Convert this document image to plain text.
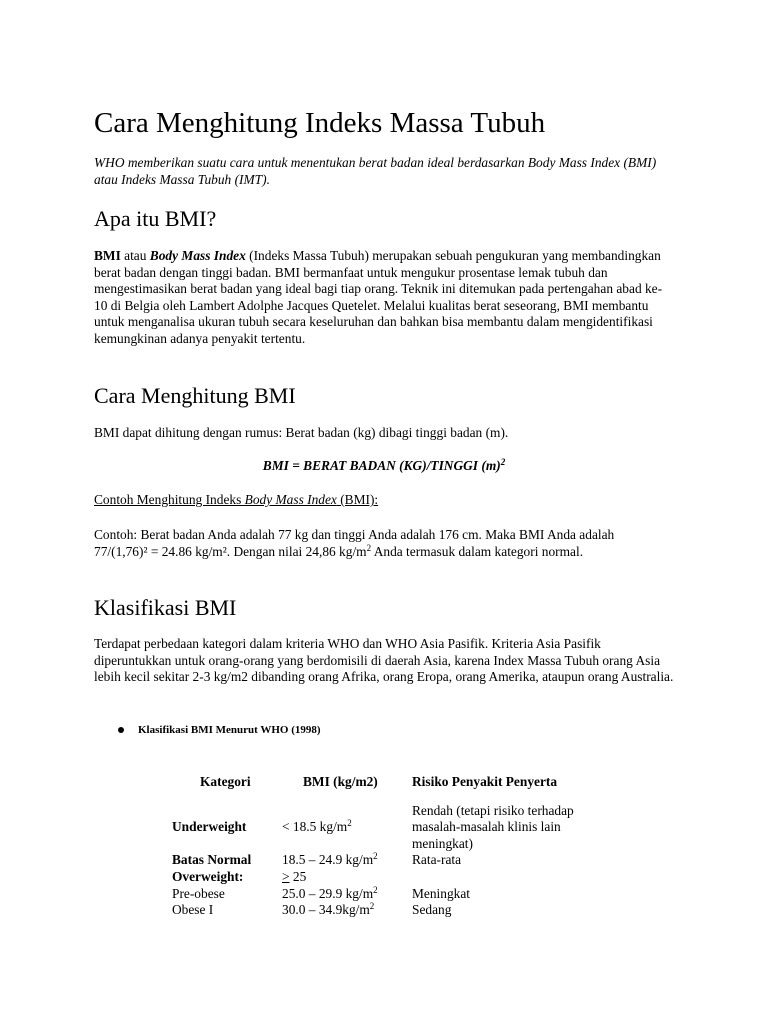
Cara Menghitung Indeks Massa Tubuh

WHO memberikan suatu cara untuk menentukan berat badan ideal berdasarkan Body Mass Index (BMI) atau Indeks Massa Tubuh (IMT).

Apa itu BMI?

BMI atau Body Mass Index (Indeks Massa Tubuh) merupakan sebuah pengukuran yang membandingkan berat badan dengan tinggi badan. BMI bermanfaat untuk mengukur prosentase lemak tubuh dan mengestimasikan berat badan yang ideal bagi tiap orang. Teknik ini ditemukan pada pertengahan abad ke-10 di Belgia oleh Lambert Adolphe Jacques Quetelet. Melalui kualitas berat seseorang, BMI membantu untuk menganalisa ukuran tubuh secara keseluruhan dan bahkan bisa membantu dalam mengidentifikasi kemungkinan adanya penyakit tertentu.

Cara Menghitung BMI

BMI dapat dihitung dengan rumus: Berat badan (kg) dibagi tinggi badan (m).

BMI = BERAT BADAN (KG)/TINGGI $(m)^2$

Contoh Menghitung Indeks Body Mass Index (BMI):

Contoh: Berat badan Anda adalah 77 kg dan tinggi Anda adalah 176 cm. Maka BMI Anda adalah 77/(1,76)² = 24.86 kg/m². Dengan nilai 24,86 $kg/m^2$ Anda termasuk dalam kategori normal.

Klasifikasi BMI

Terdapat perbedaan kategori dalam kriteria WHO dan WHO Asia Pasifik. Kriteria Asia Pasifik diperuntukkan untuk orang-orang yang berdomisili di daerah Asia, karena Index Massa Tubuh orang Asia lebih kecil sekitar 2-3 kg/m2 dibanding orang Afrika, orang Eropa, orang Amerika, ataupun orang Australia.

Klasifikasi BMI Menurut WHO (1998)

Kategori	BMI (kg/m2)	Risiko Penyakit Penyerta
Underweight	< 18.5 $kg/m^2$	Rendah (tetapi risiko terhadap masalah-masalah klinis lain meningkat)
Batas Normal	18.5 – 24.9 $kg/m^2$	Rata-rata
Overweight:	> 25	
Pre-obese	25.0 – 29.9 $kg/m^2$	Meningkat
Obese I	$30.0 - 34.9kg/m^2$	Sedang
